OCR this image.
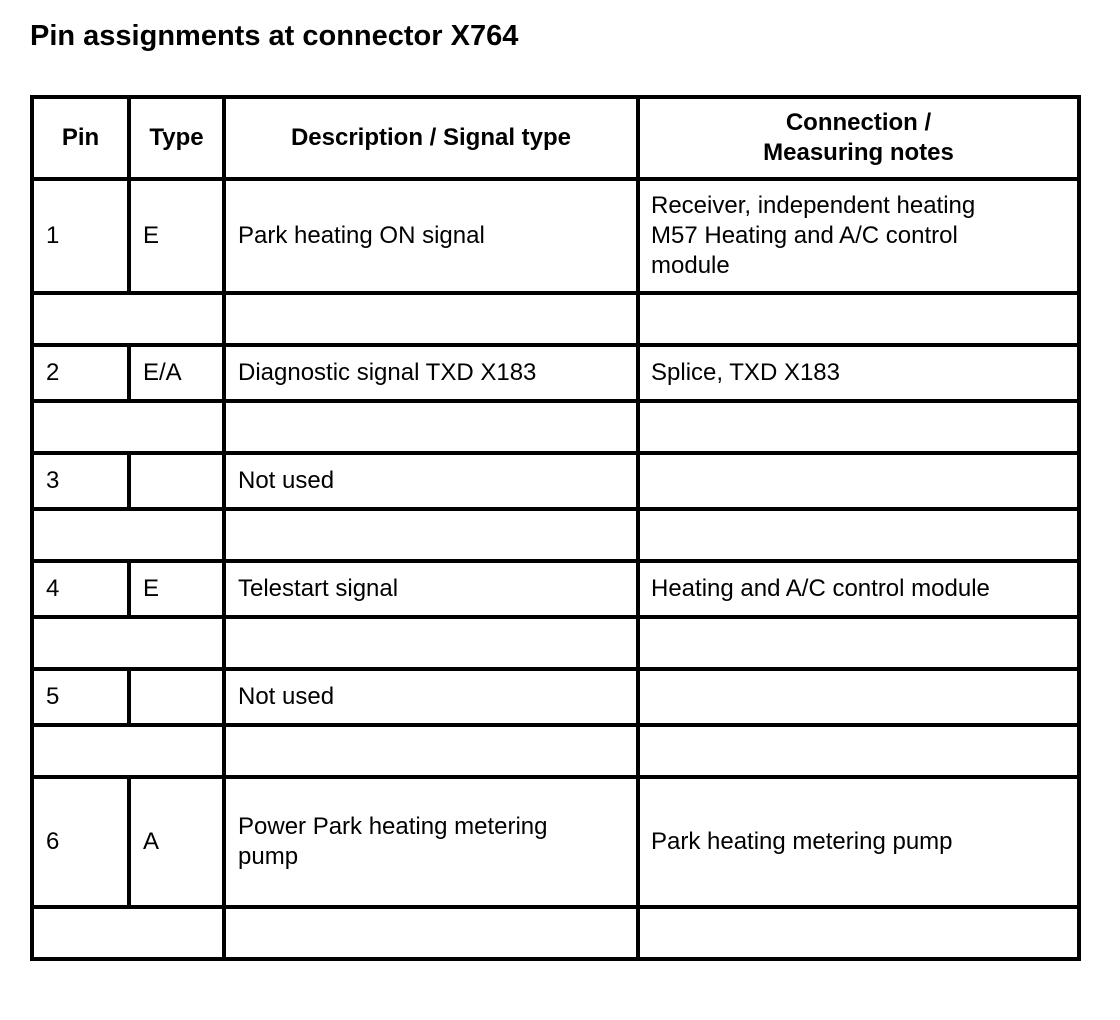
Pin assignments at connector X764
Pin	Type	Description / Signal type	Connection /
Measuring notes
1	E	Park heating ON signal	Receiver, independent heating
M57 Heating and A/C control
module

2	E/A	Diagnostic signal TXD X183	Splice, TXD X183

3		Not used	

4	E	Telestart signal	Heating and A/C control module

5		Not used	

6	A	Power Park heating metering
pump	Park heating metering pump
